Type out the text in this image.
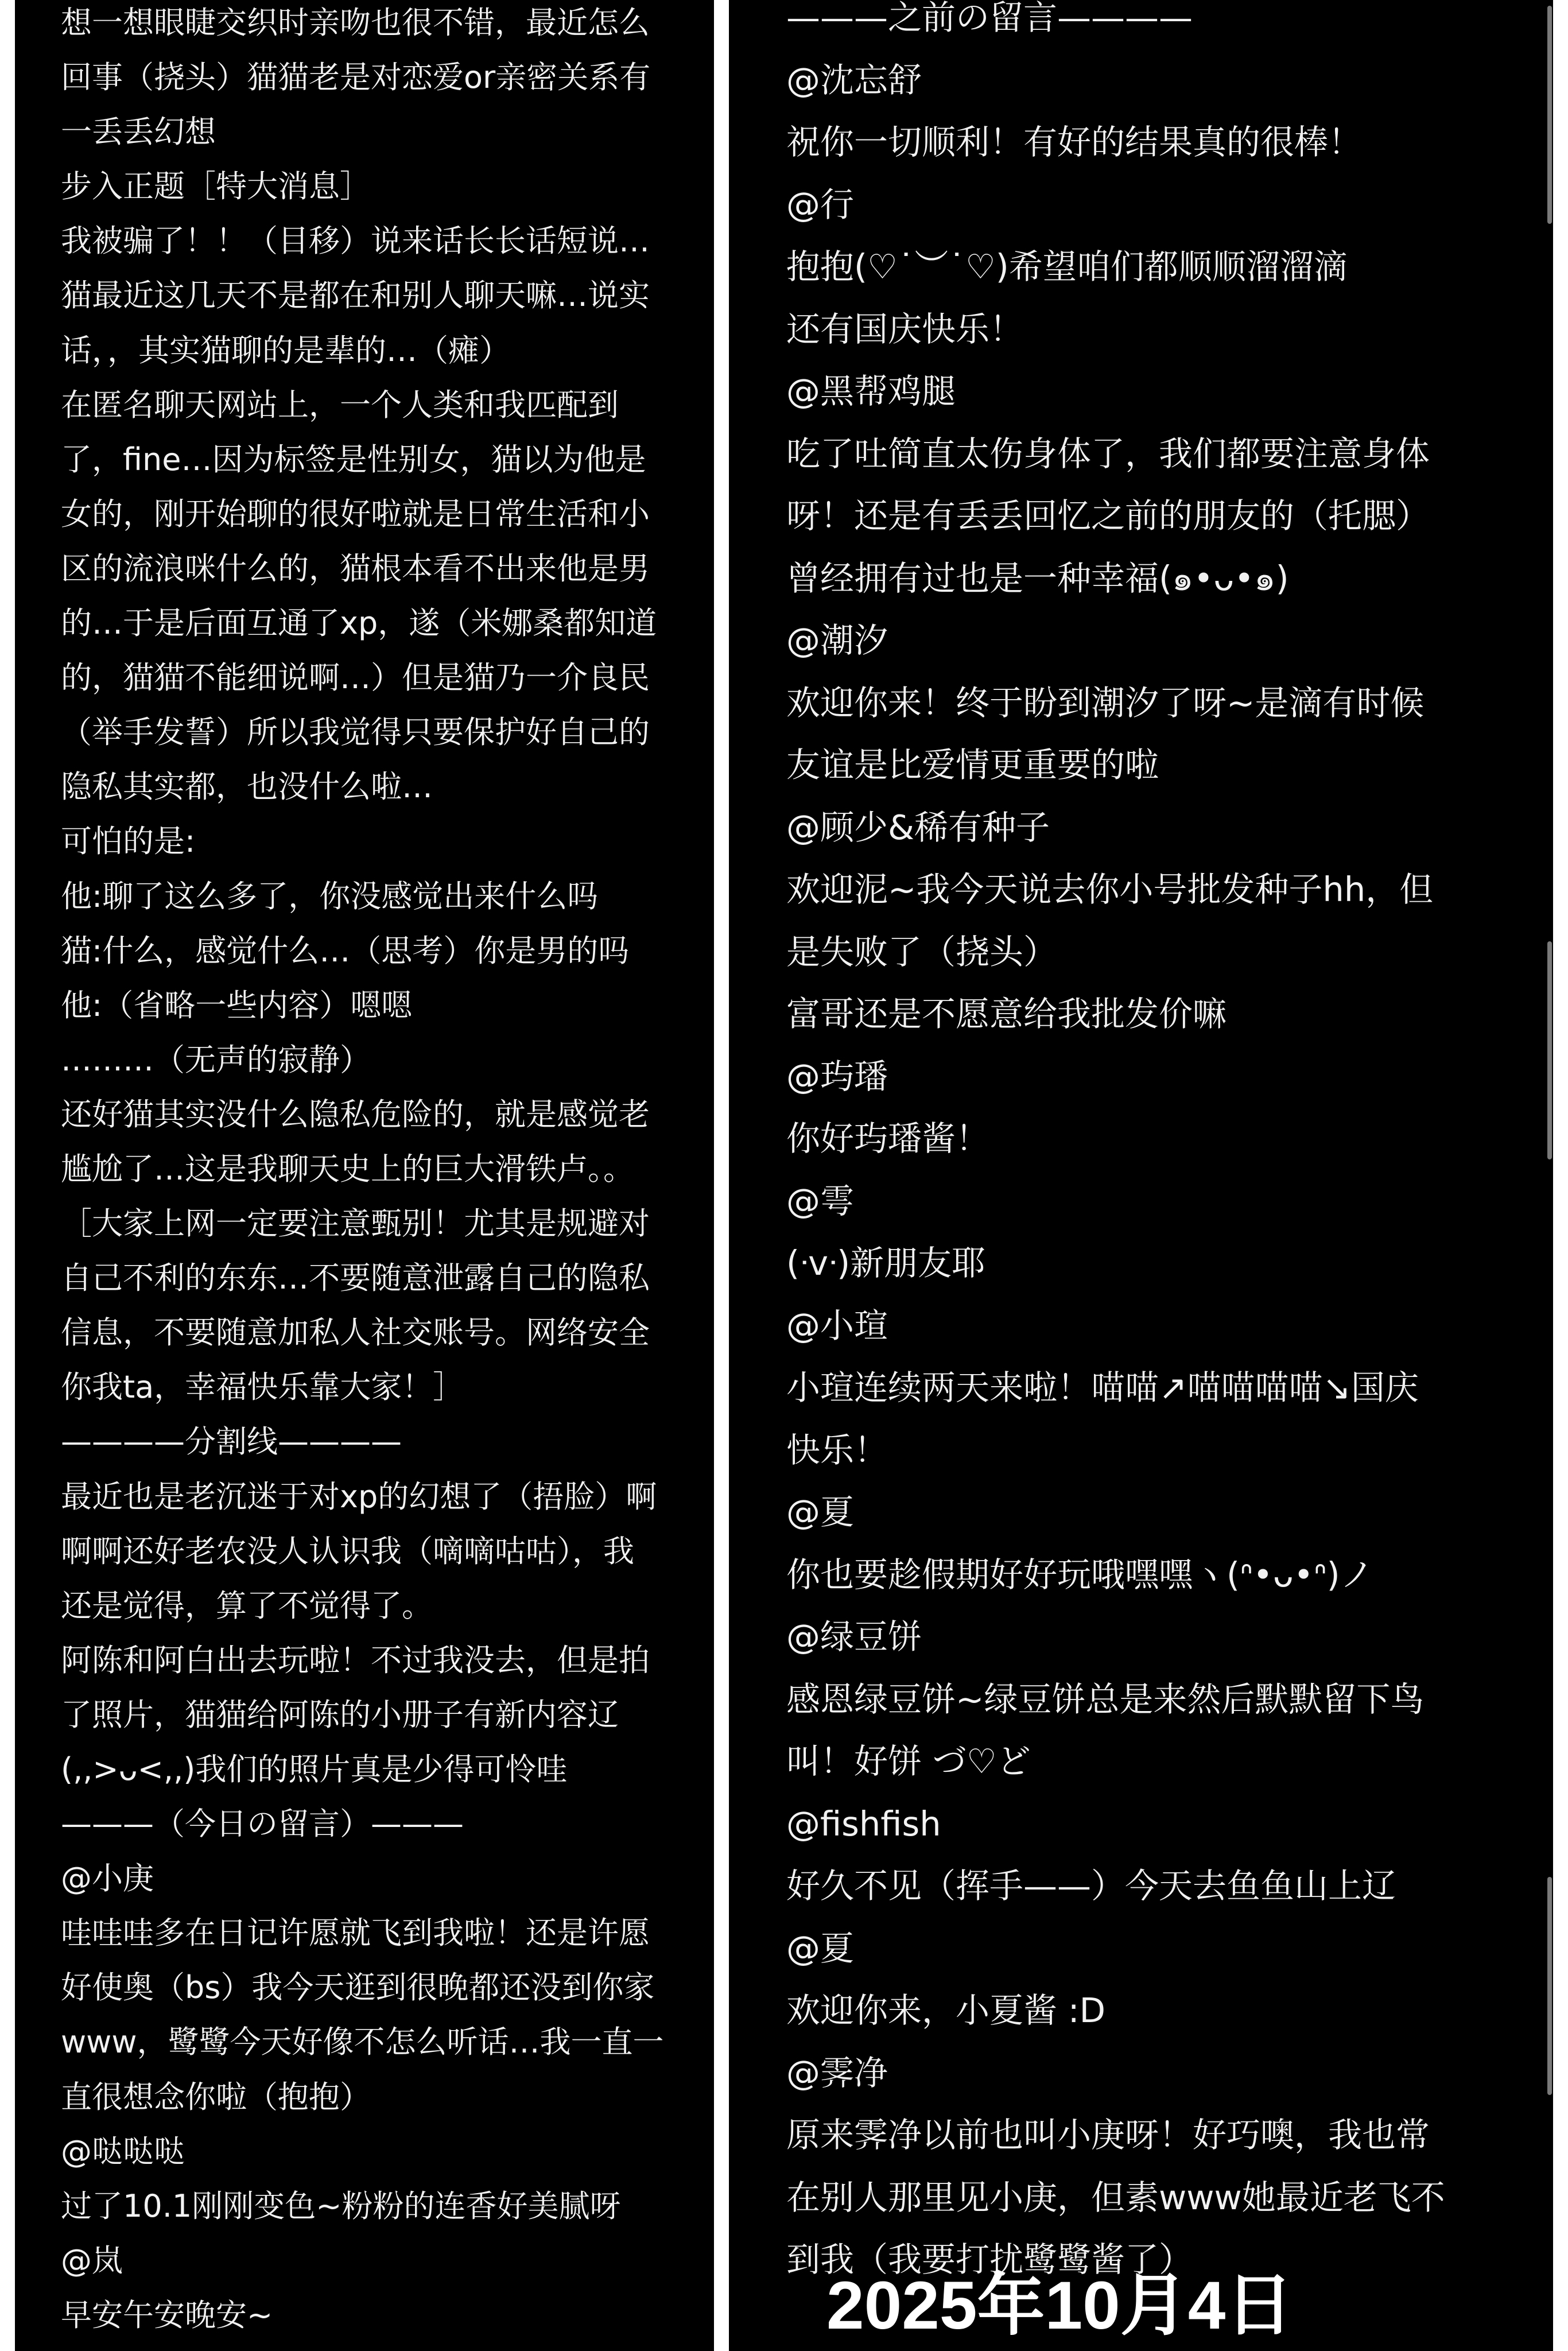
想一想眼睫交织时亲吻也很不错，最近怎么
回事（挠头）猫猫老是对恋爱or亲密关系有
一丢丢幻想
步入正题［特大消息］
我被骗了！！（目移）说来话长长话短说…
猫最近这几天不是都在和别人聊天嘛…说实
话，，其实猫聊的是辈的…（瘫）
在匿名聊天网站上，一个人类和我匹配到
了，fine…因为标签是性别女，猫以为他是
女的，刚开始聊的很好啦就是日常生活和小
区的流浪咪什么的，猫根本看不出来他是男
的…于是后面互通了xp，遂（米娜桑都知道
的，猫猫不能细说啊…）但是猫乃一介良民
（举手发誓）所以我觉得只要保护好自己的
隐私其实都，也没什么啦…
可怕的是:
他:聊了这么多了，你没感觉出来什么吗
猫:什么，感觉什么…（思考）你是男的吗
他:（省略一些内容）嗯嗯
………（无声的寂静）
还好猫其实没什么隐私危险的，就是感觉老
尴尬了…这是我聊天史上的巨大滑铁卢。。
［大家上网一定要注意甄别！尤其是规避对
自己不利的东东…不要随意泄露自己的隐私
信息，不要随意加私人社交账号。网络安全
你我ta，幸福快乐靠大家！］
————分割线————
最近也是老沉迷于对xp的幻想了（捂脸）啊
啊啊还好老农没人认识我（嘀嘀咕咕），我
还是觉得，算了不觉得了。
阿陈和阿白出去玩啦！不过我没去，但是拍
了照片，猫猫给阿陈的小册子有新内容辽
(,,>ᴗ<,,)我们的照片真是少得可怜哇
———（今日の留言）———
@小庚
哇哇哇多在日记许愿就飞到我啦！还是许愿
好使奥（bs）我今天逛到很晚都还没到你家
www，鹭鹭今天好像不怎么听话…我一直一
直很想念你啦（抱抱）
@哒哒哒
过了10.1刚刚变色~粉粉的连香好美腻呀
@岚
早安午安晚安~
———之前の留言————
@沈忘舒
祝你一切顺利！有好的结果真的很棒！
@行
抱抱(♡˙︶˙♡)希望咱们都顺顺溜溜滴
还有国庆快乐！
@黑帮鸡腿
吃了吐简直太伤身体了，我们都要注意身体
呀！还是有丢丢回忆之前的朋友的（托腮）
曾经拥有过也是一种幸福(๑•ᴗ•๑)
@潮汐
欢迎你来！终于盼到潮汐了呀~是滴有时候
友谊是比爱情更重要的啦
@顾少&稀有种子
欢迎泥~我今天说去你小号批发种子hh，但
是失败了（挠头）
富哥还是不愿意给我批发价嘛
@玙璠
你好玙璠酱！
@雩
(ᐧvᐧ)新朋友耶
@小瑄
小瑄连续两天来啦！喵喵↗喵喵喵喵↘国庆
快乐！
@夏
你也要趁假期好好玩哦嘿嘿ヽ(ᐢ•ᴗ•ᐢ)ノ
@绿豆饼
感恩绿豆饼~绿豆饼总是来然后默默留下鸟
叫！好饼 づ♡ど
@fishfish
好久不见（挥手——）今天去鱼鱼山上辽
@夏
欢迎你来，小夏酱 :D
@霁净
原来霁净以前也叫小庚呀！好巧噢，我也常
在别人那里见小庚，但素www她最近老飞不
到我（我要打扰鹭鹭酱了）
2025年10月4日
